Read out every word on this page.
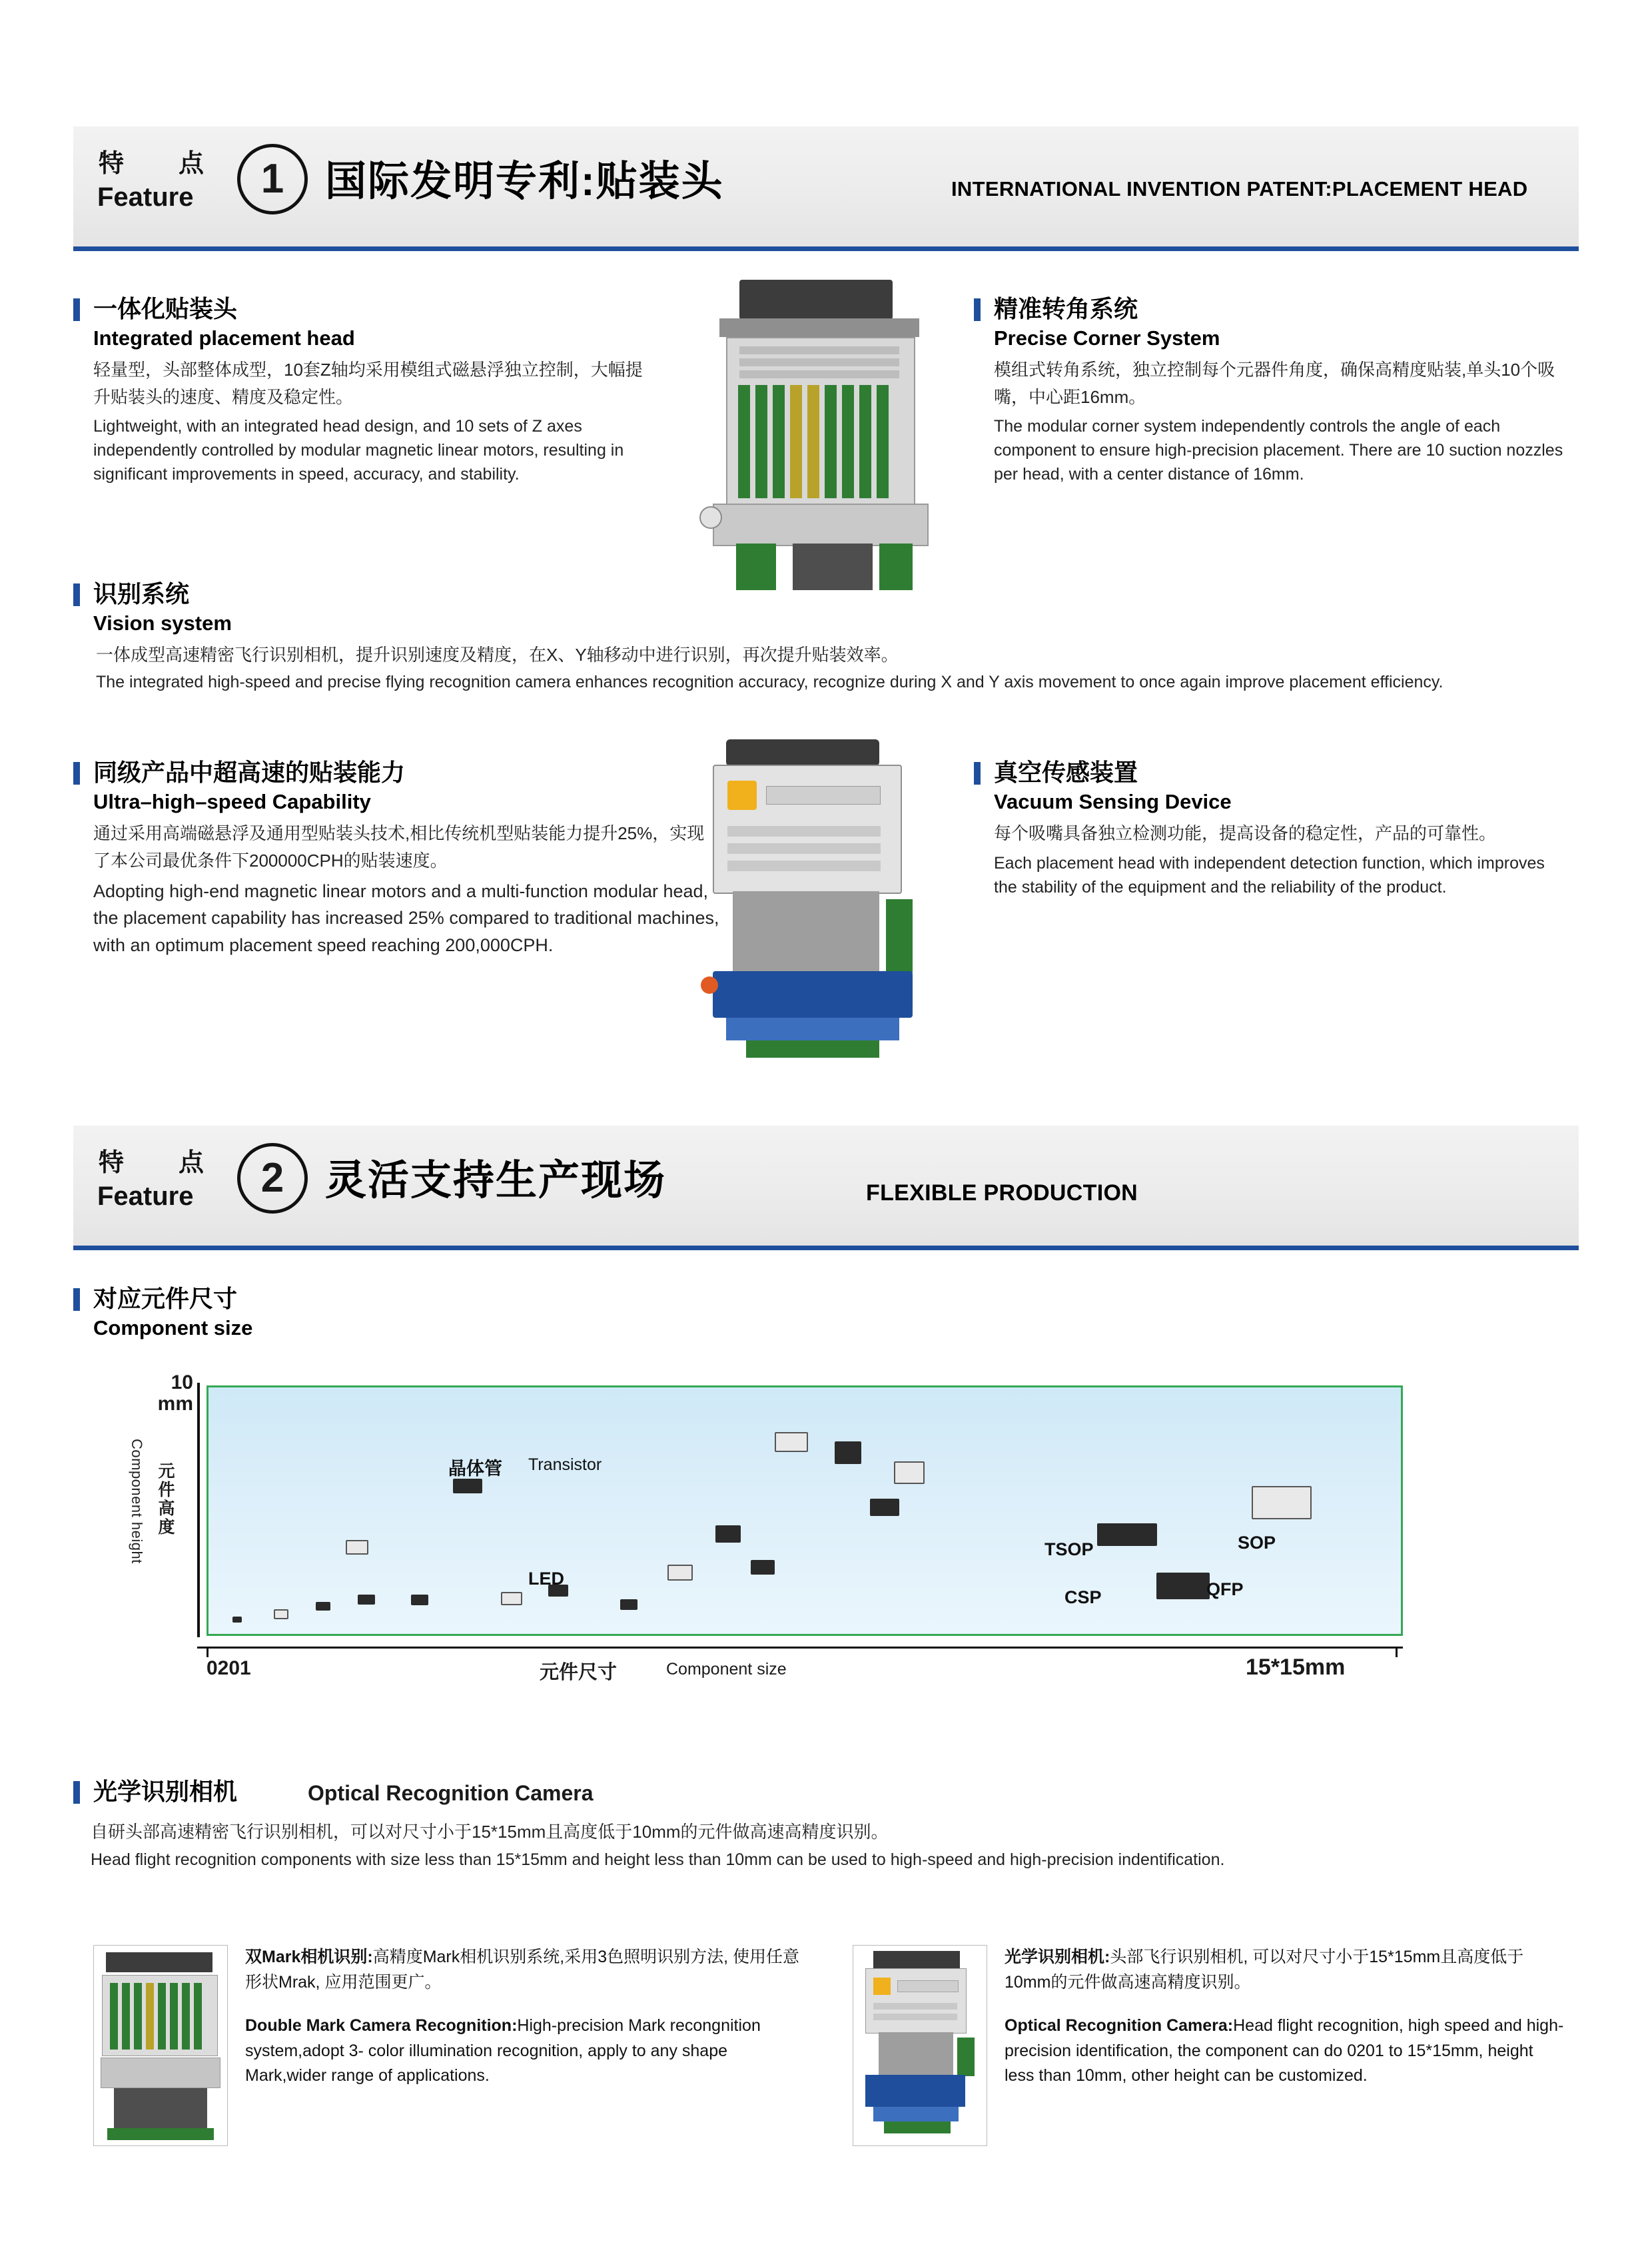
特　点
Feature	1 国际发明专利:贴装头	INTERNATIONAL INVENTION PATENT:PLACEMENT HEAD
一体化贴装头
Integrated placement head
轻量型，头部整体成型，10套Z轴均采用模组式磁悬浮独立控制，大幅提升贴装头的速度、精度及稳定性。
Lightweight, with an integrated head design, and 10 sets of Z axes independently controlled by modular magnetic linear motors, resulting in significant improvements in speed, accuracy, and stability.
精准转角系统
Precise Corner System
模组式转角系统，独立控制每个元器件角度，确保高精度贴装,单头10个吸嘴，中心距16mm。
The modular corner system independently controls the angle of each component to ensure high-precision placement. There are 10 suction nozzles per head, with a center distance of 16mm.
识别系统
Vision system
一体成型高速精密飞行识别相机，提升识别速度及精度，在X、Y轴移动中进行识别，再次提升贴装效率。
The integrated high-speed and precise flying recognition camera enhances recognition accuracy, recognize during X and Y axis movement to once again improve placement efficiency.
同级产品中超高速的贴装能力
Ultra–high–speed Capability
通过采用高端磁悬浮及通用型贴装头技术,相比传统机型贴装能力提升25%，实现了本公司最优条件下200000CPH的贴装速度。
Adopting high-end magnetic linear motors and a multi-function modular head, the placement capability has increased 25% compared to traditional machines, with an optimum placement speed reaching 200,000CPH.
真空传感装置
Vacuum Sensing Device
每个吸嘴具备独立检测功能，提高设备的稳定性，产品的可靠性。
Each placement head with independent detection function, which improves the stability of the equipment and the reliability of the product.
特　点
Feature	2 灵活支持生产现场	FLEXIBLE PRODUCTION
对应元件尺寸
Component size
10
mm
元件高度
Component height	晶体管 Transistor
LED
TSOP
CSP
SOP
QFP
0201	元件尺寸	Component size	15*15mm
光学识别相机	Optical Recognition Camera
自研头部高速精密飞行识别相机，可以对尺寸小于15*15mm且高度低于10mm的元件做高速高精度识别。
Head flight recognition components with size less than 15*15mm and height less than 10mm can be used to high-speed and high-precision indentification.
双Mark相机识别:高精度Mark相机识别系统,采用3色照明识别方法, 使用任意形状Mrak, 应用范围更广。
Double Mark Camera Recognition:High-precision Mark recongnition system,adopt 3- color illumination recognition, apply to any shape Mark,wider range of applications.
光学识别相机:头部飞行识别相机, 可以对尺寸小于15*15mm且高度低于10mm的元件做高速高精度识别。
Optical Recognition Camera:Head flight recognition, high speed and high-precision identification, the component can do 0201 to 15*15mm, height less than 10mm, other height can be customized.
